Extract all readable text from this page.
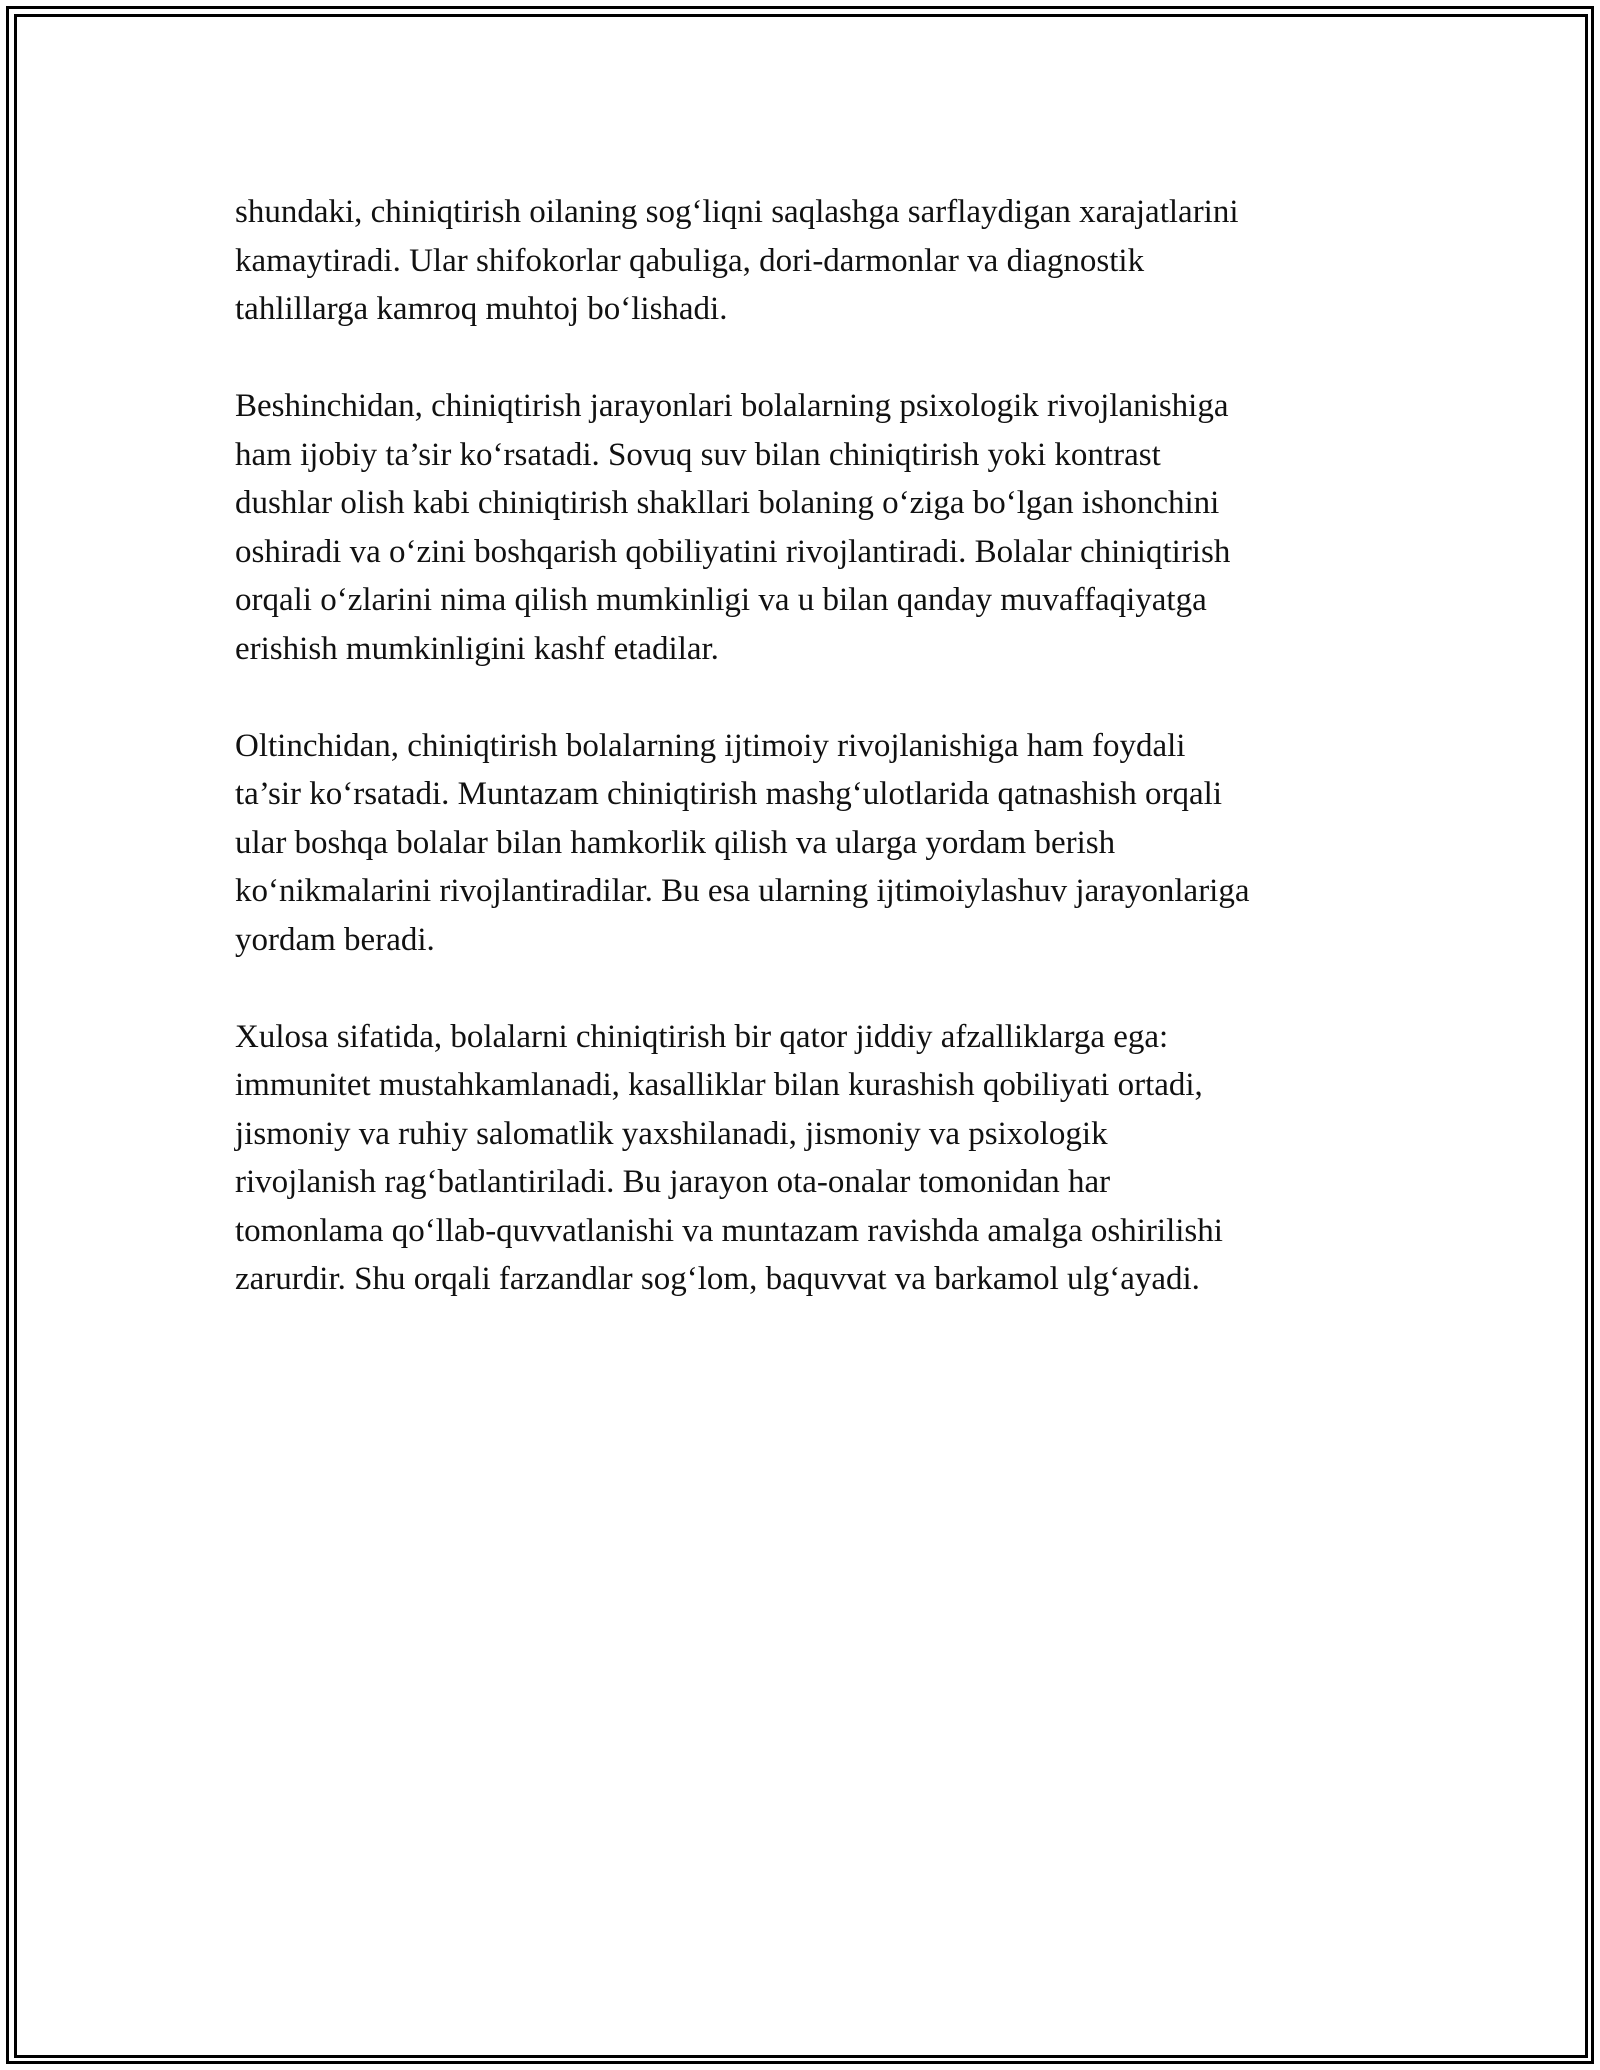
shundaki, chiniqtirish oilaning sog‘liqni saqlashga sarflaydigan xarajatlarini
kamaytiradi. Ular shifokorlar qabuliga, dori-darmonlar va diagnostik
tahlillarga kamroq muhtoj bo‘lishadi.

Beshinchidan, chiniqtirish jarayonlari bolalarning psixologik rivojlanishiga
ham ijobiy ta’sir ko‘rsatadi. Sovuq suv bilan chiniqtirish yoki kontrast
dushlar olish kabi chiniqtirish shakllari bolaning o‘ziga bo‘lgan ishonchini
oshiradi va o‘zini boshqarish qobiliyatini rivojlantiradi. Bolalar chiniqtirish
orqali o‘zlarini nima qilish mumkinligi va u bilan qanday muvaffaqiyatga
erishish mumkinligini kashf etadilar.

Oltinchidan, chiniqtirish bolalarning ijtimoiy rivojlanishiga ham foydali
ta’sir ko‘rsatadi. Muntazam chiniqtirish mashg‘ulotlarida qatnashish orqali
ular boshqa bolalar bilan hamkorlik qilish va ularga yordam berish
ko‘nikmalarini rivojlantiradilar. Bu esa ularning ijtimoiylashuv jarayonlariga
yordam beradi.

Xulosa sifatida, bolalarni chiniqtirish bir qator jiddiy afzalliklarga ega:
immunitet mustahkamlanadi, kasalliklar bilan kurashish qobiliyati ortadi,
jismoniy va ruhiy salomatlik yaxshilanadi, jismoniy va psixologik
rivojlanish rag‘batlantiriladi. Bu jarayon ota-onalar tomonidan har
tomonlama qo‘llab-quvvatlanishi va muntazam ravishda amalga oshirilishi
zarurdir. Shu orqali farzandlar sog‘lom, baquvvat va barkamol ulg‘ayadi.
